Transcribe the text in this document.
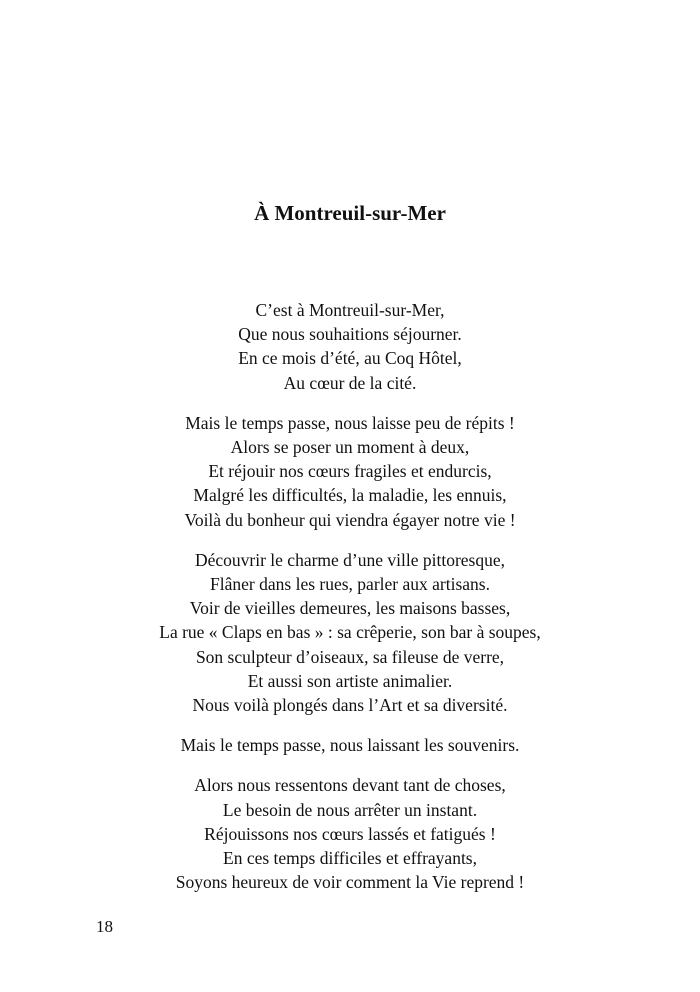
À Montreuil-sur-Mer
C’est à Montreuil-sur-Mer,
Que nous souhaitions séjourner.
En ce mois d’été, au Coq Hôtel,
Au cœur de la cité.
Mais le temps passe, nous laisse peu de répits !
Alors se poser un moment à deux,
Et réjouir nos cœurs fragiles et endurcis,
Malgré les difficultés, la maladie, les ennuis,
Voilà du bonheur qui viendra égayer notre vie !
Découvrir le charme d’une ville pittoresque,
Flâner dans les rues, parler aux artisans.
Voir de vieilles demeures, les maisons basses,
La rue « Claps en bas » : sa crêperie, son bar à soupes,
Son sculpteur d’oiseaux, sa fileuse de verre,
Et aussi son artiste animalier.
Nous voilà plongés dans l’Art et sa diversité.
Mais le temps passe, nous laissant les souvenirs.
Alors nous ressentons devant tant de choses,
Le besoin de nous arrêter un instant.
Réjouissons nos cœurs lassés et fatigués !
En ces temps difficiles et effrayants,
Soyons heureux de voir comment la Vie reprend !
18
